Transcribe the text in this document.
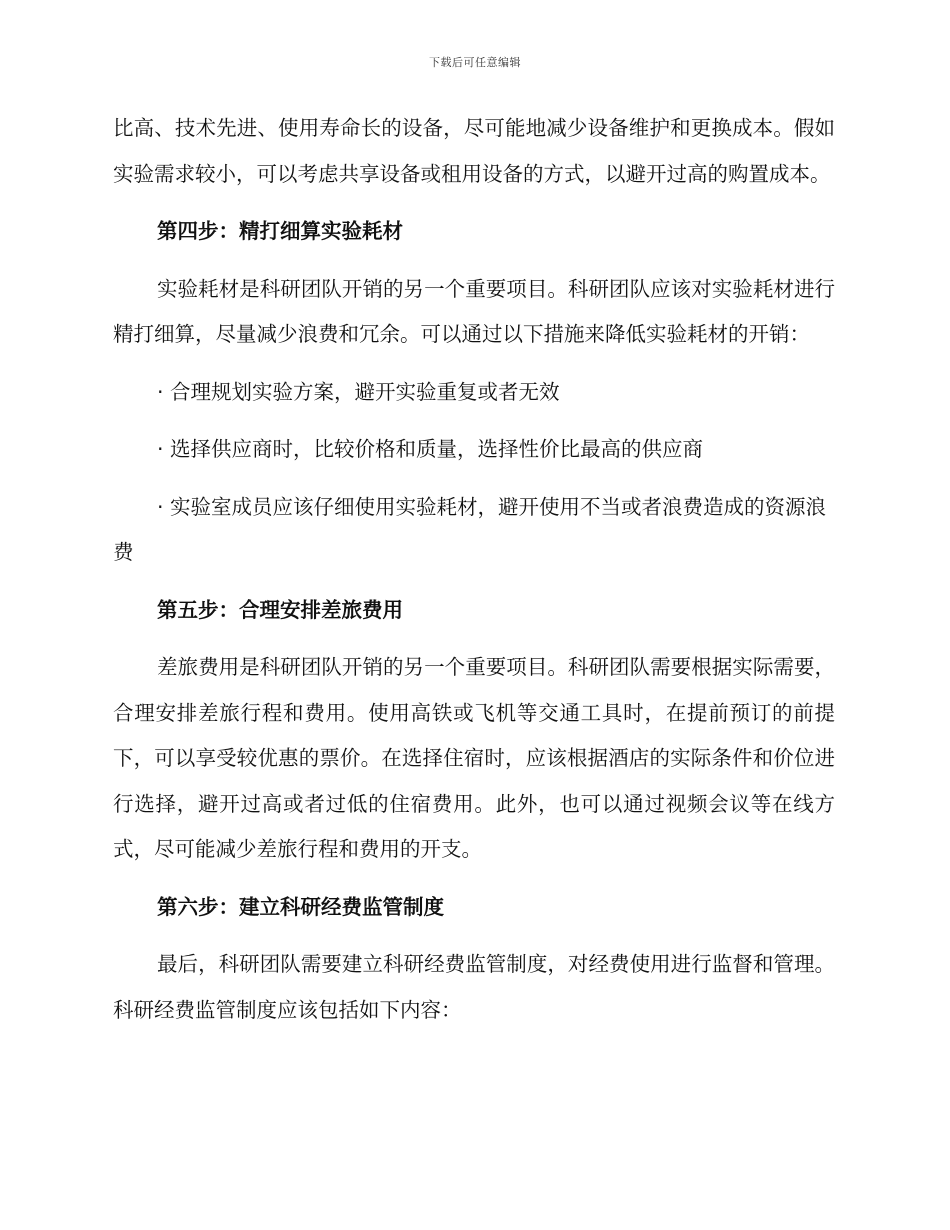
下载后可任意编辑

比高、技术先进、使用寿命长的设备，尽可能地减少设备维护和更换成本。假如实验需求较小，可以考虑共享设备或租用设备的方式，以避开过高的购置成本。

第四步：精打细算实验耗材

实验耗材是科研团队开销的另一个重要项目。科研团队应该对实验耗材进行精打细算，尽量减少浪费和冗余。可以通过以下措施来降低实验耗材的开销：

· 合理规划实验方案，避开实验重复或者无效

· 选择供应商时，比较价格和质量，选择性价比最高的供应商

· 实验室成员应该仔细使用实验耗材，避开使用不当或者浪费造成的资源浪费

第五步：合理安排差旅费用

差旅费用是科研团队开销的另一个重要项目。科研团队需要根据实际需要，合理安排差旅行程和费用。使用高铁或飞机等交通工具时，在提前预订的前提下，可以享受较优惠的票价。在选择住宿时，应该根据酒店的实际条件和价位进行选择，避开过高或者过低的住宿费用。此外，也可以通过视频会议等在线方式，尽可能减少差旅行程和费用的开支。

第六步：建立科研经费监管制度

最后，科研团队需要建立科研经费监管制度，对经费使用进行监督和管理。科研经费监管制度应该包括如下内容：
